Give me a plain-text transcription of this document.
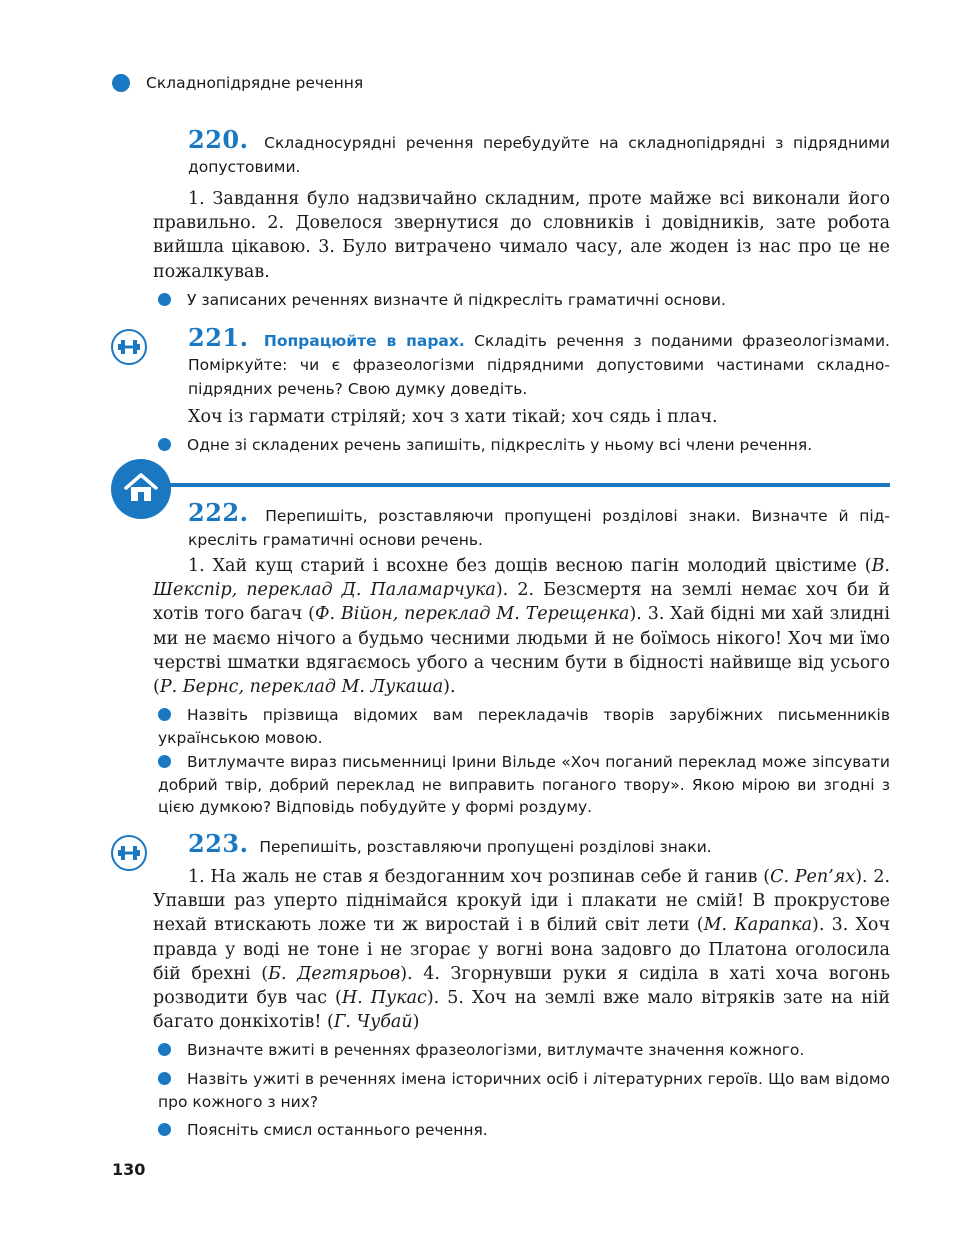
Складнопідрядне речення
220. Складносурядні речення перебудуйте на складнопідрядні з підрядними допустовими.
1. Завдання було надзвичайно складним, проте майже всі виконали його правильно. 2. Довелося звернутися до словників і довідників, зате робота вийшла цікавою. 3. Було витрачено чимало часу, але жоден із нас про це не пожалкував.
У записаних реченнях визначте й підкресліть граматичні основи.
221. Попрацюйте в парах. Складіть речення з поданими фразеологізмами. Поміркуйте: чи є фразеологізми підрядними допустовими частинами складнопідрядних речень? Свою думку доведіть.
Хоч із гармати стріляй; хоч з хати тікай; хоч сядь і плач.
Одне зі складених речень запишіть, підкресліть у ньому всі члени речення.
222. Перепишіть, розставляючи пропущені розділові знаки. Визначте й підкресліть граматичні основи речень.
1. Хай кущ старий і всохне без дощів весною пагін молодий цвістиме (В. Шекспір, переклад Д. Паламарчука). 2. Безсмертя на землі немає хоч би й хотів того багач (Ф. Війон, переклад М. Терещенка). 3. Хай бідні ми хай злидні ми не маємо нічого а будьмо чесними людьми й не боїмось нікого! Хоч ми їмо черстві шматки вдягаємось убого а чесним бути в бідності найвище від усього (Р. Бернс, переклад М. Лукаша).
Назвіть прізвища відомих вам перекладачів творів зарубіжних письменників українською мовою.
Витлумачте вираз письменниці Ірини Вільде «Хоч поганий переклад може зіпсувати добрий твір, добрий переклад не виправить поганого твору». Якою мірою ви згодні з цією думкою? Відповідь побудуйте у формі роздуму.
223. Перепишіть, розставляючи пропущені розділові знаки.
1. На жаль не став я бездоганним хоч розпинав себе й ганив (С. Реп’ях). 2. Упавши раз уперто піднімайся крокуй іди і плакати не смій! В прокрустове нехай втискають ложе ти ж виростай і в білий світ лети (М. Карапка). 3. Хоч правда у воді не тоне і не згорає у вогні вона задовго до Платона оголосила бій брехні (Б. Дегтярьов). 4. Згорнувши руки я сиділа в хаті хоча вогонь розводити був час (Н. Пукас). 5. Хоч на землі вже мало вітряків зате на ній багато донкіхотів! (Г. Чубай)
Визначте вжиті в реченнях фразеологізми, витлумачте значення кожного.
Назвіть ужиті в реченнях імена історичних осіб і літературних героїв. Що вам відомо про кожного з них?
Поясніть смисл останнього речення.
130
